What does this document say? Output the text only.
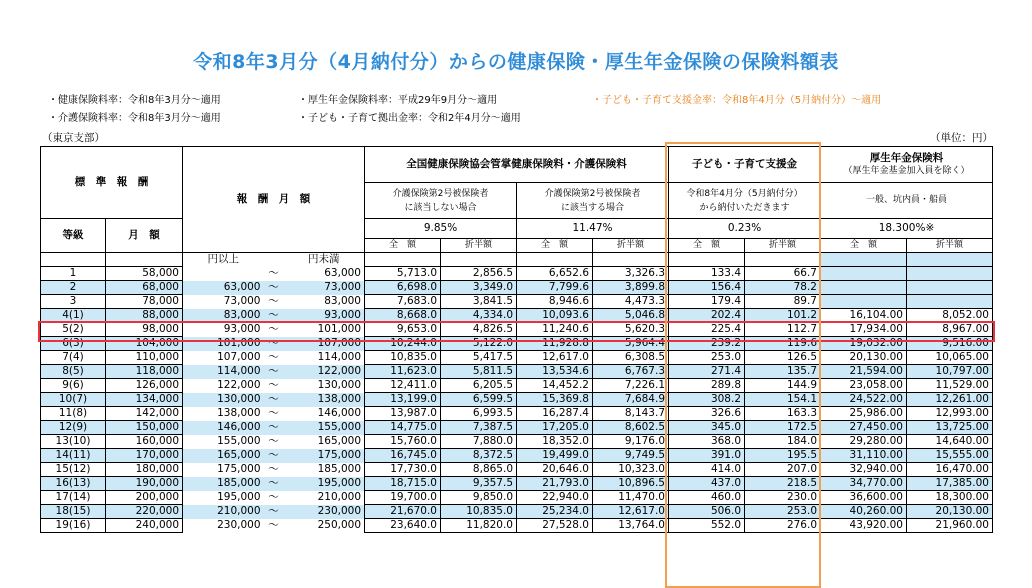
令和8年3月分（4月納付分）からの健康保険・厚生年金保険の保険料額表
・健康保険料率：令和8年3月分～適用
・介護保険料率：令和8年3月分～適用
・厚生年金保険料率：平成29年9月分～適用
・子ども・子育て拠出金率：令和2年4月分～適用
・子ども・子育て支援金率：令和8年4月分（5月納付分）～適用
（東京支部）	（単位：円）
標　準　報　酬		報　酬　月　額			全国健康保険協会管掌健康保険料・介護保険料				子ども・子育て支援金		厚生年金保険料
（厚生年金基金加入員を除く）	

					介護保険第2号被保険者
に該当しない場合		介護保険第2号被保険者
に該当する場合		令和8年4月分（5月納付分）
から納付いただきます		一般、坑内員・船員	
等級	月　額				9.85%		11.47%		0.23%		18.300%※	
					全　額	折半額	全　額	折半額	全　額	折半額	全　額	折半額
		円以上		円未満								
1	58,000		～	63,000	5,713.0	2,856.5	6,652.6	3,326.3	133.4	66.7		
2	68,000	63,000	～	73,000	6,698.0	3,349.0	7,799.6	3,899.8	156.4	78.2		
3	78,000	73,000	～	83,000	7,683.0	3,841.5	8,946.6	4,473.3	179.4	89.7		
4(1)	88,000	83,000	～	93,000	8,668.0	4,334.0	10,093.6	5,046.8	202.4	101.2	16,104.00	8,052.00
5(2)	98,000	93,000	～	101,000	9,653.0	4,826.5	11,240.6	5,620.3	225.4	112.7	17,934.00	8,967.00
6(3)	104,000	101,000	～	107,000	10,244.0	5,122.0	11,928.8	5,964.4	239.2	119.6	19,032.00	9,516.00
7(4)	110,000	107,000	～	114,000	10,835.0	5,417.5	12,617.0	6,308.5	253.0	126.5	20,130.00	10,065.00
8(5)	118,000	114,000	～	122,000	11,623.0	5,811.5	13,534.6	6,767.3	271.4	135.7	21,594.00	10,797.00
9(6)	126,000	122,000	～	130,000	12,411.0	6,205.5	14,452.2	7,226.1	289.8	144.9	23,058.00	11,529.00
10(7)	134,000	130,000	～	138,000	13,199.0	6,599.5	15,369.8	7,684.9	308.2	154.1	24,522.00	12,261.00
11(8)	142,000	138,000	～	146,000	13,987.0	6,993.5	16,287.4	8,143.7	326.6	163.3	25,986.00	12,993.00
12(9)	150,000	146,000	～	155,000	14,775.0	7,387.5	17,205.0	8,602.5	345.0	172.5	27,450.00	13,725.00
13(10)	160,000	155,000	～	165,000	15,760.0	7,880.0	18,352.0	9,176.0	368.0	184.0	29,280.00	14,640.00
14(11)	170,000	165,000	～	175,000	16,745.0	8,372.5	19,499.0	9,749.5	391.0	195.5	31,110.00	15,555.00
15(12)	180,000	175,000	～	185,000	17,730.0	8,865.0	20,646.0	10,323.0	414.0	207.0	32,940.00	16,470.00
16(13)	190,000	185,000	～	195,000	18,715.0	9,357.5	21,793.0	10,896.5	437.0	218.5	34,770.00	17,385.00
17(14)	200,000	195,000	～	210,000	19,700.0	9,850.0	22,940.0	11,470.0	460.0	230.0	36,600.00	18,300.00
18(15)	220,000	210,000	～	230,000	21,670.0	10,835.0	25,234.0	12,617.0	506.0	253.0	40,260.00	20,130.00
19(16)	240,000	230,000	～	250,000	23,640.0	11,820.0	27,528.0	13,764.0	552.0	276.0	43,920.00	21,960.00
